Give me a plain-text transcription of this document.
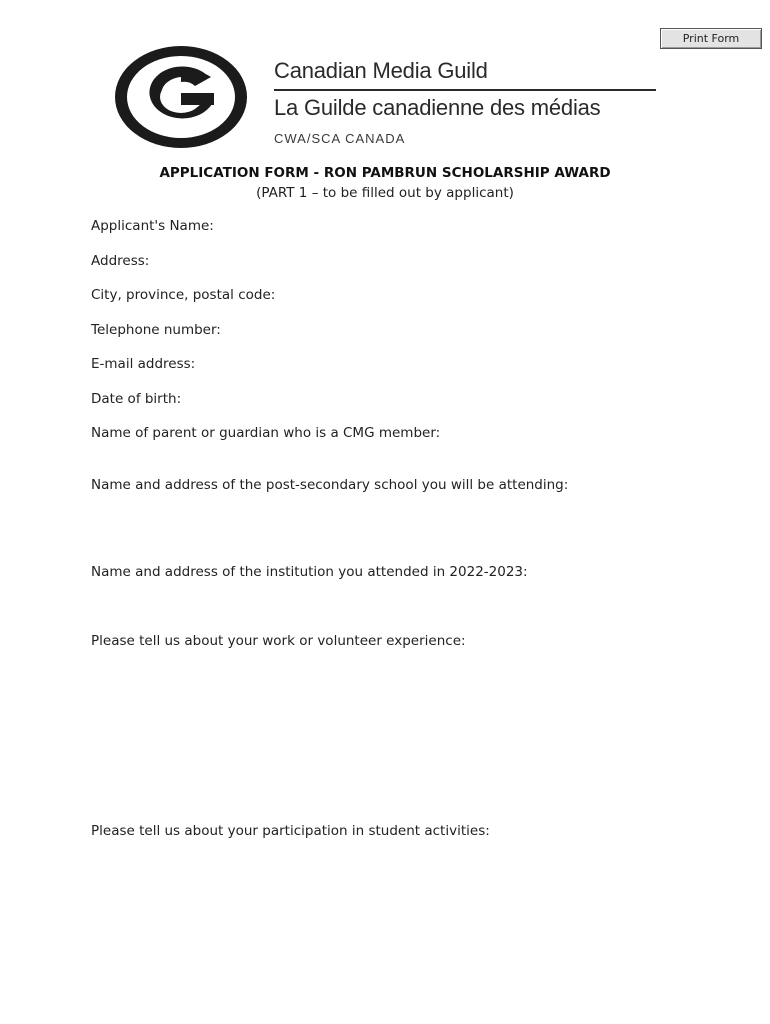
Print Form
Canadian Media Guild
La Guilde canadienne des médias
CWA/SCA CANADA
APPLICATION FORM - RON PAMBRUN SCHOLARSHIP AWARD
(PART 1 – to be filled out by applicant)
Applicant's Name:
Address:
City, province, postal code:
Telephone number:
E-mail address:
Date of birth:
Name of parent or guardian who is a CMG member:
Name and address of the post-secondary school you will be attending:
Name and address of the institution you attended in 2022-2023:
Please tell us about your work or volunteer experience:
Please tell us about your participation in student activities:
